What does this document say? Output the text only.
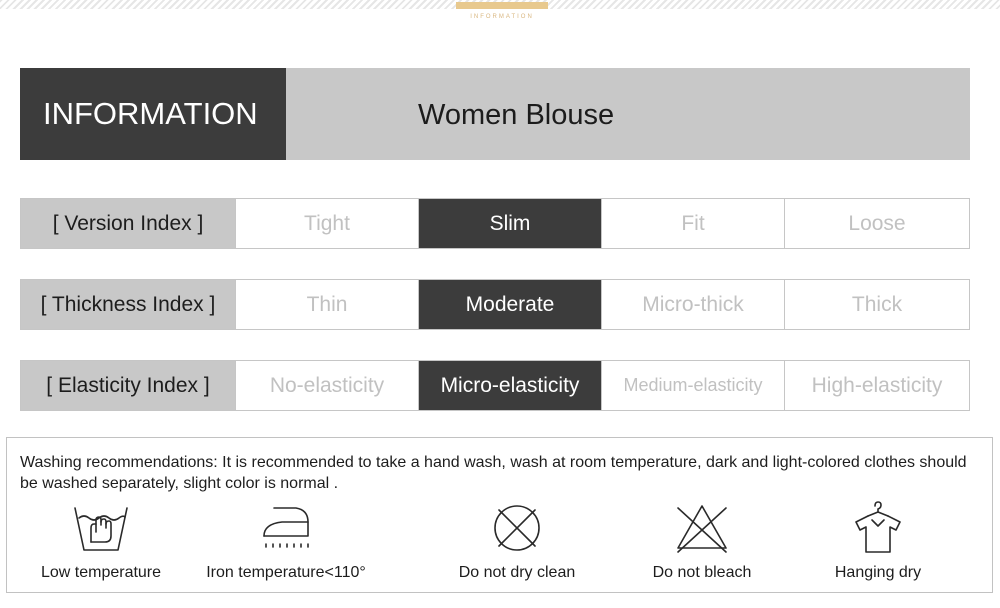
INFORMATION
INFORMATION	Women Blouse
[ Version Index ]	Tight	Slim	Fit	Loose
[ Thickness Index ]	Thin	Moderate	Micro-thick	Thick
[ Elasticity Index ]	No-elasticity	Micro-elasticity	Medium-elasticity	High-elasticity
Washing recommendations: It is recommended to take a hand wash, wash at room temperature, dark and light-colored clothes should be washed separately, slight color is normal .
Low temperature	Iron temperature<110°	Do not dry clean	Do not bleach	Hanging dry
